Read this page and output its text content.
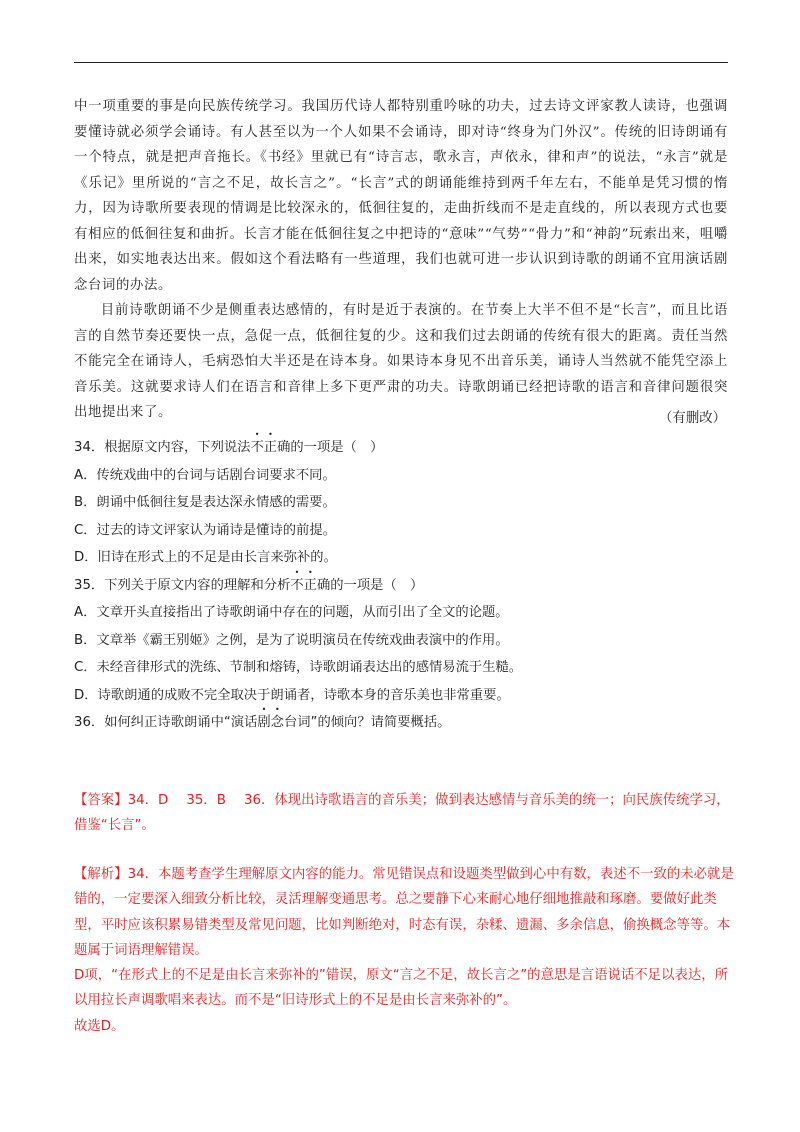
中一项重要的事是向民族传统学习。我国历代诗人都特别重吟咏的功夫，过去诗文评家教人读诗，也强调要懂诗就必须学会诵诗。有人甚至以为一个人如果不会诵诗，即对诗“终身为门外汉”。传统的旧诗朗诵有一个特点，就是把声音拖长。《书经》里就已有“诗言志，歌永言，声依永，律和声”的说法，“永言”就是《乐记》里所说的“言之不足，故长言之”。“长言”式的朗诵能维持到两千年左右，不能单是凭习惯的惰力，因为诗歌所要表现的情调是比较深永的，低徊往复的，走曲折线而不是走直线的，所以表现方式也要有相应的低徊往复和曲折。长言才能在低徊往复之中把诗的“意味”“气势”“骨力”和“神韵”玩索出来，咀嚼出来，如实地表达出来。假如这个看法略有一些道理，我们也就可进一步认识到诗歌的朗诵不宜用演话剧念台词的办法。

目前诗歌朗诵不少是侧重表达感情的，有时是近于表演的。在节奏上大半不但不是“长言”，而且比语言的自然节奏还要快一点，急促一点，低徊往复的少。这和我们过去朗诵的传统有很大的距离。责任当然不能完全在诵诗人，毛病恐怕大半还是在诗本身。如果诗本身见不出音乐美，诵诗人当然就不能凭空添上音乐美。这就要求诗人们在语言和音律上多下更严肃的功夫。诗歌朗诵已经把诗歌的语言和音律问题很突出地提出来了。	（有删改）
34．根据原文内容，下列说法不正确的一项是（　）
A．传统戏曲中的台词与话剧台词要求不同。
B．朗诵中低徊往复是表达深永情感的需要。
C．过去的诗文评家认为诵诗是懂诗的前提。
D．旧诗在形式上的不足是由长言来弥补的。
35．下列关于原文内容的理解和分析不正确的一项是（　）
A．文章开头直接指出了诗歌朗诵中存在的问题，从而引出了全文的论题。
B．文章举《霸王别姬》之例，是为了说明演员在传统戏曲表演中的作用。
C．未经音律形式的洗练、节制和熔铸，诗歌朗诵表达出的感情易流于生糙。
D．诗歌朗通的成败不完全取决于朗诵者，诗歌本身的音乐美也非常重要。
36．如何纠正诗歌朗诵中“演话剧念台词”的倾向？请简要概括。

【答案】34．D 35．B 36．体现出诗歌语言的音乐美；做到表达感情与音乐美的统一；向民族传统学习，借鉴“长言”。

【解析】34．本题考查学生理解原文内容的能力。常见错误点和设题类型做到心中有数，表述不一致的未必就是错的，一定要深入细致分析比较，灵活理解变通思考。总之要静下心来耐心地仔细地推敲和琢磨。要做好此类型，平时应该积累易错类型及常见问题，比如判断绝对，时态有误，杂糅、遗漏、多余信息，偷换概念等等。本题属于词语理解错误。

D项，“在形式上的不足是由长言来弥补的”错误，原文“言之不足，故长言之”的意思是言语说话不足以表达，所以用拉长声调歌唱来表达。而不是“旧诗形式上的不足是由长言来弥补的”。

故选D。
